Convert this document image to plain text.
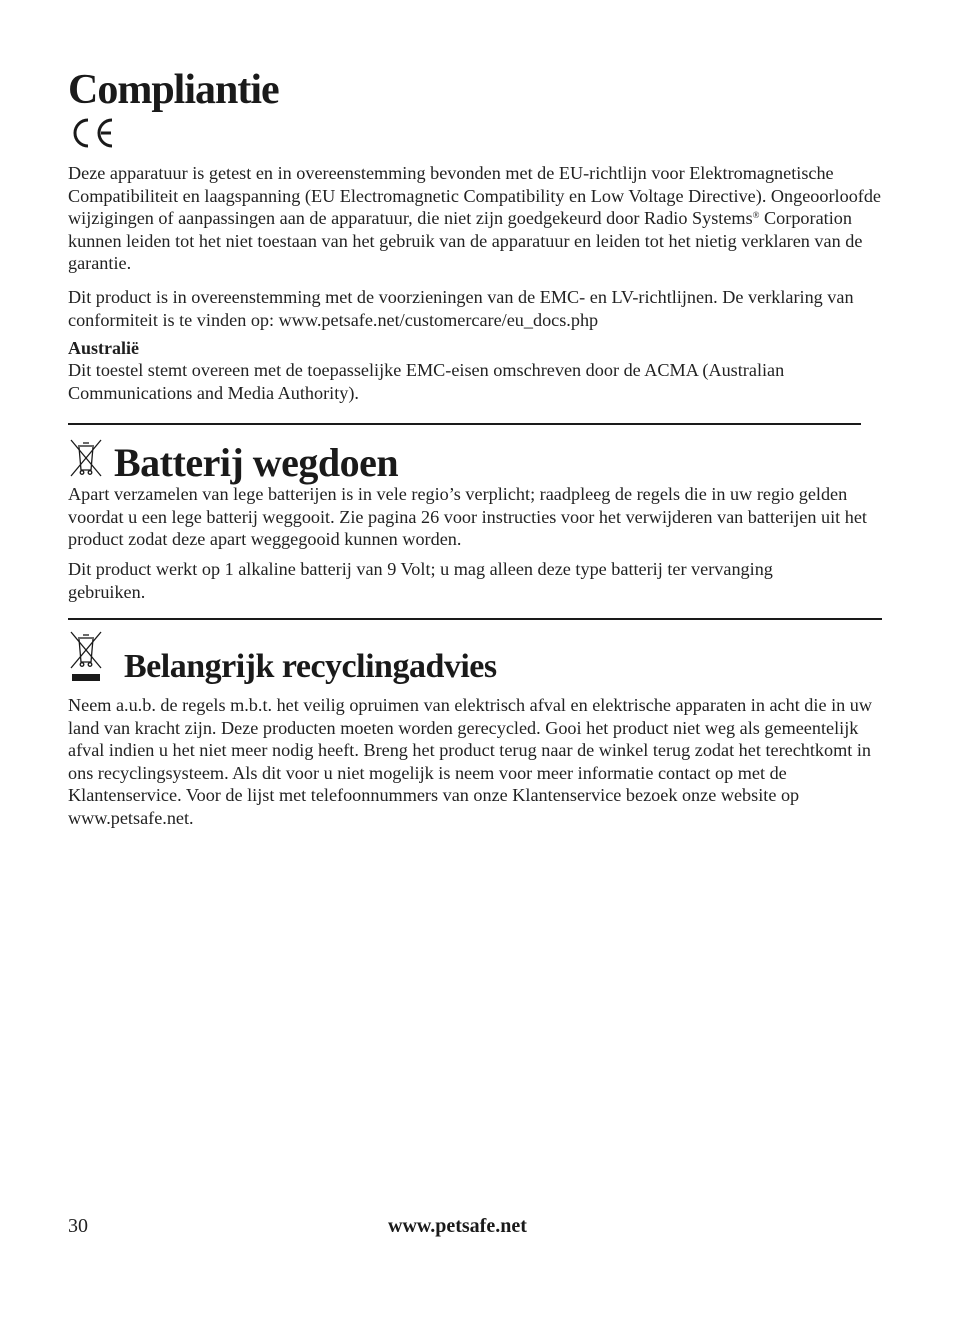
Compliantie

Deze apparatuur is getest en in overeenstemming bevonden met de EU-richtlijn voor Elektromagnetische Compatibiliteit en laagspanning (EU Electromagnetic Compatibility en Low Voltage Directive). Ongeoorloofde wijzigingen of aanpassingen aan de apparatuur, die niet zijn goedgekeurd door Radio Systems® Corporation kunnen leiden tot het niet toestaan van het gebruik van de apparatuur en leiden tot het nietig verklaren van de garantie.

Dit product is in overeenstemming met de voorzieningen van de EMC- en LV-richtlijnen. De verklaring van conformiteit is te vinden op: www.petsafe.net/customercare/eu_docs.php

Australië

Dit toestel stemt overeen met de toepasselijke EMC-eisen omschreven door de ACMA (Australian Communications and Media Authority).

Batterij wegdoen

Apart verzamelen van lege batterijen is in vele regio’s verplicht; raadpleeg de regels die in uw regio gelden voordat u een lege batterij weggooit. Zie pagina 26 voor instructies voor het verwijderen van batterijen uit het product zodat deze apart weggegooid kunnen worden.

Dit product werkt op 1 alkaline batterij van 9 Volt; u mag alleen deze type batterij ter vervanging gebruiken.

Belangrijk recyclingadvies

Neem a.u.b. de regels m.b.t. het veilig opruimen van elektrisch afval en elektrische apparaten in acht die in uw land van kracht zijn. Deze producten moeten worden gerecycled. Gooi het product niet weg als gemeentelijk afval indien u het niet meer nodig heeft. Breng het product terug naar de winkel terug zodat het terechtkomt in ons recyclingsysteem. Als dit voor u niet mogelijk is neem voor meer informatie contact op met de Klantenservice. Voor de lijst met telefoonnummers van onze Klantenservice bezoek onze website op www.petsafe.net.

30	www.petsafe.net
